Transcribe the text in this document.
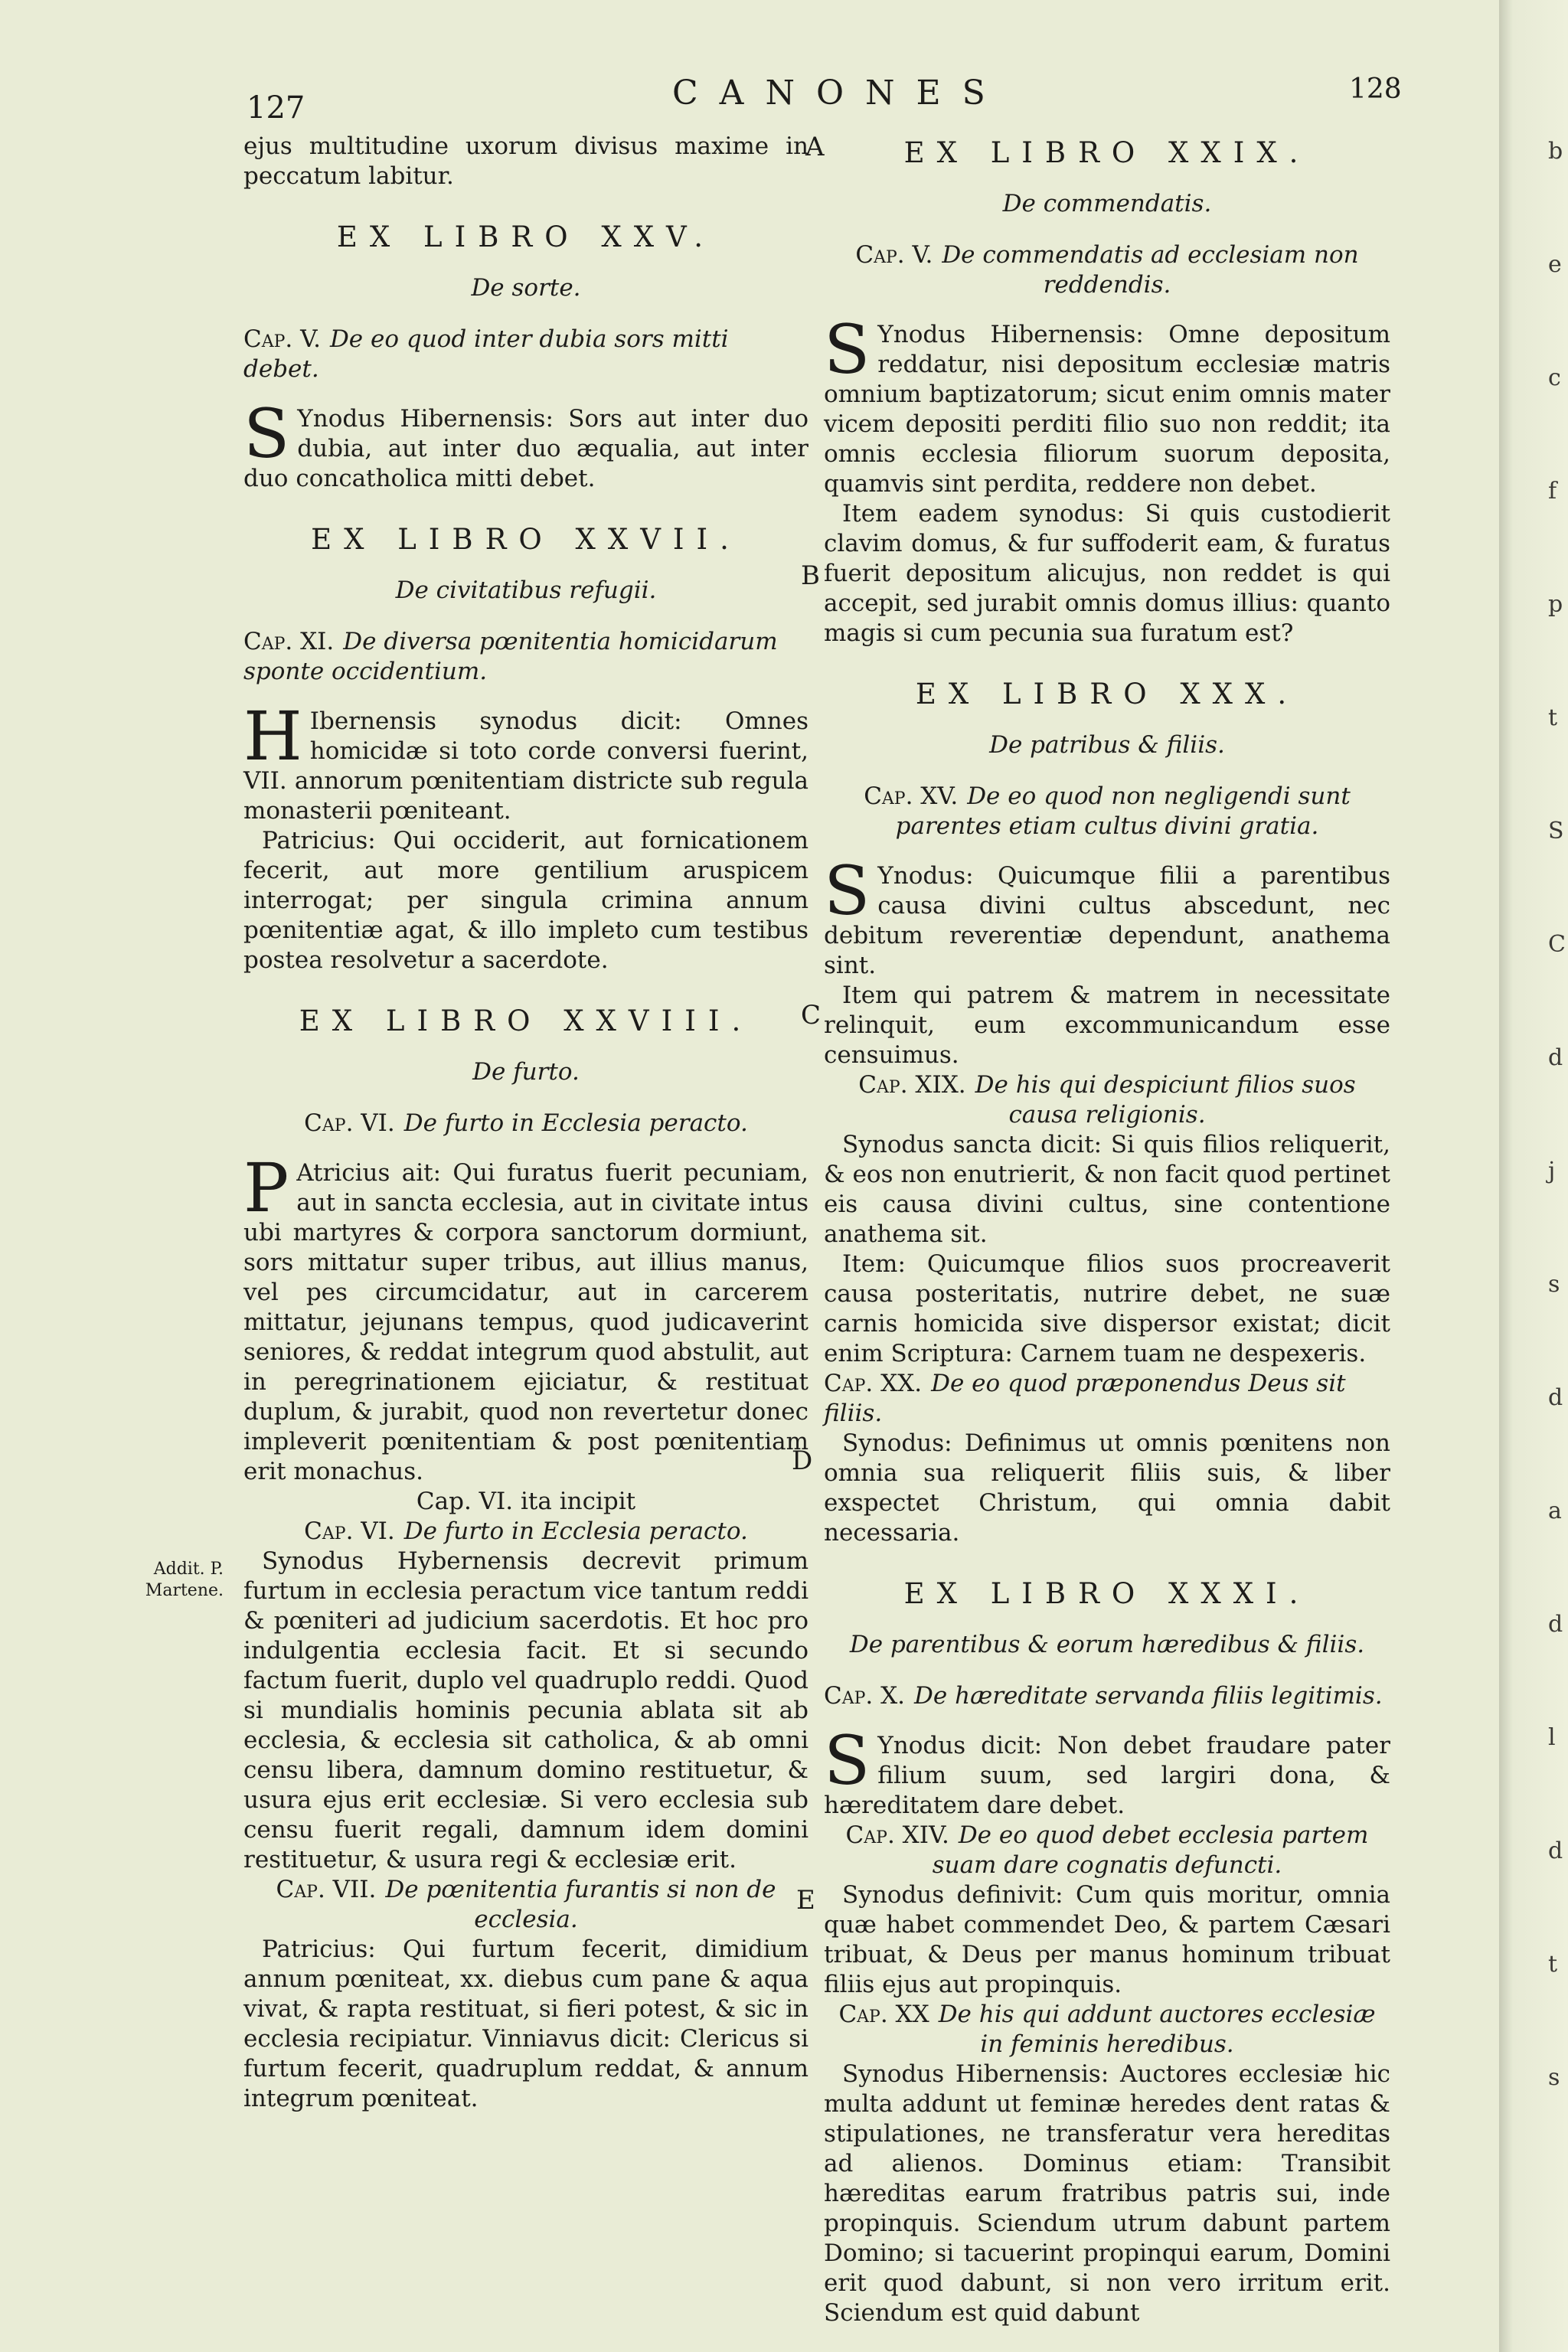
127	CANONES	128
A
B
C
D
E
Addit. P.
Martene.

ejus multitudine uxorum divisus maxime in peccatum labitur.

EX LIBRO XXV.
De sorte.
Cap. V. De eo quod inter dubia sors mitti debet.

S Ynodus Hibernensis: Sors aut inter duo dubia, aut inter duo æqualia, aut inter duo concatholica mitti debet.

EX LIBRO XXVII.
De civitatibus refugii.
Cap. XI. De diversa pœnitentia homicidarum sponte occidentium.

H Ibernensis synodus dicit: Omnes homicidæ si toto corde conversi fuerint, VII. annorum pœnitentiam districte sub regula monasterii pœniteant.

Patricius: Qui occiderit, aut fornicationem fecerit, aut more gentilium aruspicem interrogat; per singula crimina annum pœnitentiæ agat, & illo impleto cum testibus postea resolvetur a sacerdote.

EX LIBRO XXVIII.
De furto.
Cap. VI. De furto in Ecclesia peracto.

P Atricius ait: Qui furatus fuerit pecuniam, aut in sancta ecclesia, aut in civitate intus ubi martyres & corpora sanctorum dormiunt, sors mittatur super tribus, aut illius manus, vel pes circumcidatur, aut in carcerem mittatur, jejunans tempus, quod judicaverint seniores, & reddat integrum quod abstulit, aut in peregrinationem ejiciatur, & restituat duplum, & jurabit, quod non revertetur donec impleverit pœnitentiam & post pœnitentiam erit monachus.

Cap. VI. ita incipit
Cap. VI. De furto in Ecclesia peracto.

Synodus Hybernensis decrevit primum furtum in ecclesia peractum vice tantum reddi & pœniteri ad judicium sacerdotis. Et hoc pro indulgentia ecclesia facit. Et si secundo factum fuerit, duplo vel quadruplo reddi. Quod si mundialis hominis pecunia ablata sit ab ecclesia, & ecclesia sit catholica, & ab omni censu libera, damnum domino restituetur, & usura ejus erit ecclesiæ. Si vero ecclesia sub censu fuerit regali, damnum idem domini restituetur, & usura regi & ecclesiæ erit.

Cap. VII. De pœnitentia furantis si non de ecclesia.

Patricius: Qui furtum fecerit, dimidium annum pœniteat, xx. diebus cum pane & aqua vivat, & rapta restituat, si fieri potest, & sic in ecclesia recipiatur. Vinniavus dicit: Clericus si furtum fecerit, quadruplum reddat, & annum integrum pœniteat.

EX LIBRO XXIX.
De commendatis.
Cap. V. De commendatis ad ecclesiam non reddendis.

S Ynodus Hibernensis: Omne depositum reddatur, nisi depositum ecclesiæ matris omnium baptizatorum; sicut enim omnis mater vicem depositi perditi filio suo non reddit; ita omnis ecclesia filiorum suorum deposita, quamvis sint perdita, reddere non debet.

Item eadem synodus: Si quis custodierit clavim domus, & fur suffoderit eam, & furatus fuerit depositum alicujus, non reddet is qui accepit, sed jurabit omnis domus illius: quanto magis si cum pecunia sua furatum est?

EX LIBRO XXX.
De patribus & filiis.
Cap. XV. De eo quod non negligendi sunt parentes etiam cultus divini gratia.

S Ynodus: Quicumque filii a parentibus causa divini cultus abscedunt, nec debitum reverentiæ dependunt, anathema sint.

Item qui patrem & matrem in necessitate relinquit, eum excommunicandum esse censuimus.

Cap. XIX. De his qui despiciunt filios suos causa religionis.

Synodus sancta dicit: Si quis filios reliquerit, & eos non enutrierit, & non facit quod pertinet eis causa divini cultus, sine contentione anathema sit.

Item: Quicumque filios suos procreaverit causa posteritatis, nutrire debet, ne suæ carnis homicida sive dispersor existat; dicit enim Scriptura: Carnem tuam ne despexeris.

Cap. XX. De eo quod præponendus Deus sit filiis.

Synodus: Definimus ut omnis pœnitens non omnia sua reliquerit filiis suis, & liber exspectet Christum, qui omnia dabit necessaria.

EX LIBRO XXXI.
De parentibus & eorum hæredibus & filiis.
Cap. X. De hæreditate servanda filiis legitimis.

S Ynodus dicit: Non debet fraudare pater filium suum, sed largiri dona, & hæreditatem dare debet.

Cap. XIV. De eo quod debet ecclesia partem suam dare cognatis defuncti.

Synodus definivit: Cum quis moritur, omnia quæ habet commendet Deo, & partem Cæsari tribuat, & Deus per manus hominum tribuat filiis ejus aut propinquis.

Cap. XX De his qui addunt auctores ecclesiæ in feminis heredibus.

Synodus Hibernensis: Auctores ecclesiæ hic multa addunt ut feminæ heredes dent ratas & stipulationes, ne transferatur vera hereditas ad alienos. Dominus etiam: Transibit hæreditas earum fratribus patris sui, inde propinquis. Sciendum utrum dabunt partem Domino; si tacuerint propinqui earum, Domini erit quod dabunt, si non vero irritum erit. Sciendum est quid dabunt

b
e
c
f
p
t
S
C
d
j
s
d
a
d
l
d
t
s
